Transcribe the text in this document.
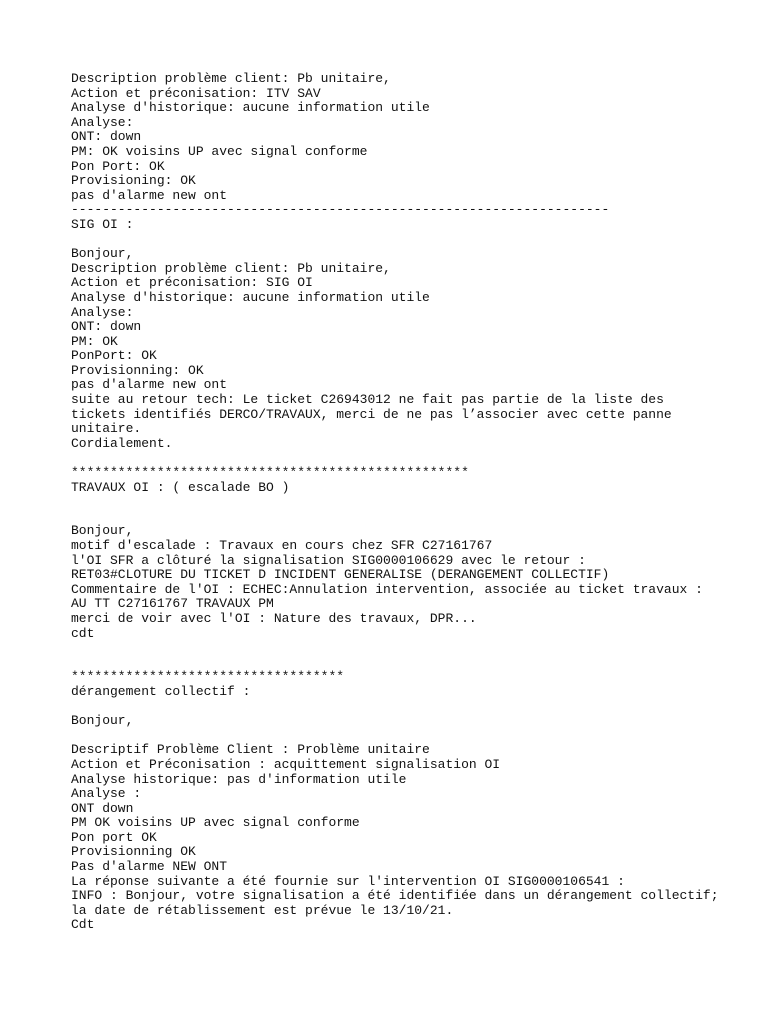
Description problème client: Pb unitaire,
Action et préconisation: ITV SAV
Analyse d'historique: aucune information utile
Analyse:
ONT: down
PM: OK voisins UP avec signal conforme
Pon Port: OK
Provisioning: OK
pas d'alarme new ont
---------------------------------------------------------------------
SIG OI :
Bonjour,
Description problème client: Pb unitaire,
Action et préconisation: SIG OI
Analyse d'historique: aucune information utile
Analyse:
ONT: down
PM: OK
PonPort: OK
Provisionning: OK
pas d'alarme new ont
suite au retour tech: Le ticket C26943012 ne fait pas partie de la liste des
tickets identifiés DERCO/TRAVAUX, merci de ne pas l’associer avec cette panne
unitaire.
Cordialement.
***************************************************
TRAVAUX OI : ( escalade BO )
Bonjour,
motif d'escalade : Travaux en cours chez SFR C27161767
l'OI SFR a clôturé la signalisation SIG0000106629 avec le retour :
RET03#CLOTURE DU TICKET D INCIDENT GENERALISE (DERANGEMENT COLLECTIF)
Commentaire de l'OI : ECHEC:Annulation intervention, associée au ticket travaux :
AU TT C27161767 TRAVAUX PM
merci de voir avec l'OI : Nature des travaux, DPR...
cdt
***********************************
dérangement collectif :
Bonjour,
Descriptif Problème Client : Problème unitaire
Action et Préconisation : acquittement signalisation OI
Analyse historique: pas d'information utile
Analyse :
ONT down
PM OK voisins UP avec signal conforme
Pon port OK
Provisionning OK
Pas d'alarme NEW ONT
La réponse suivante a été fournie sur l'intervention OI SIG0000106541 :
INFO : Bonjour, votre signalisation a été identifiée dans un dérangement collectif;
la date de rétablissement est prévue le 13/10/21.
Cdt
